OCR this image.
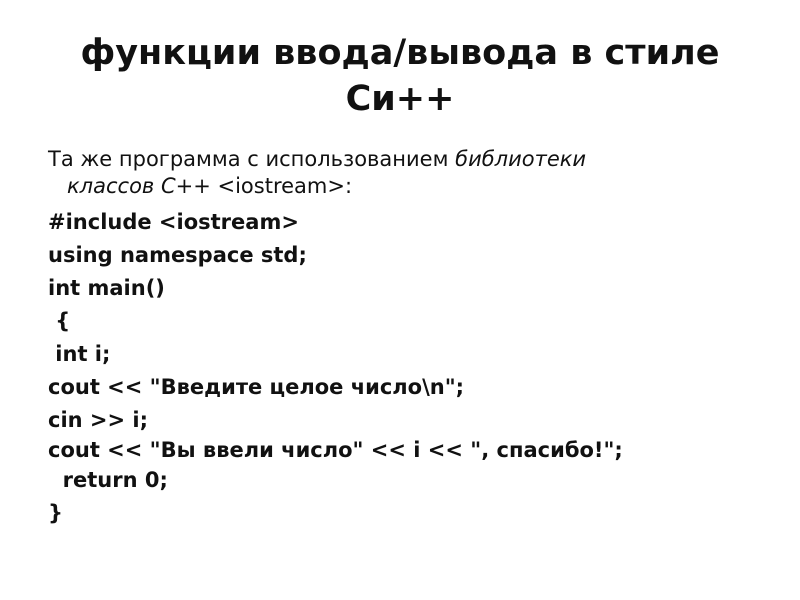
функции ввода/вывода в стиле
Си++
Та же программа с использованием библиотеки
классов С++ <iostream>:
#include <iostream>
using namespace std;
int main()
{
int i;
cout << "Введите целое число\n";
cin >> i;
cout << "Вы ввели число" << i << ", спасибо!";
return 0;
}
